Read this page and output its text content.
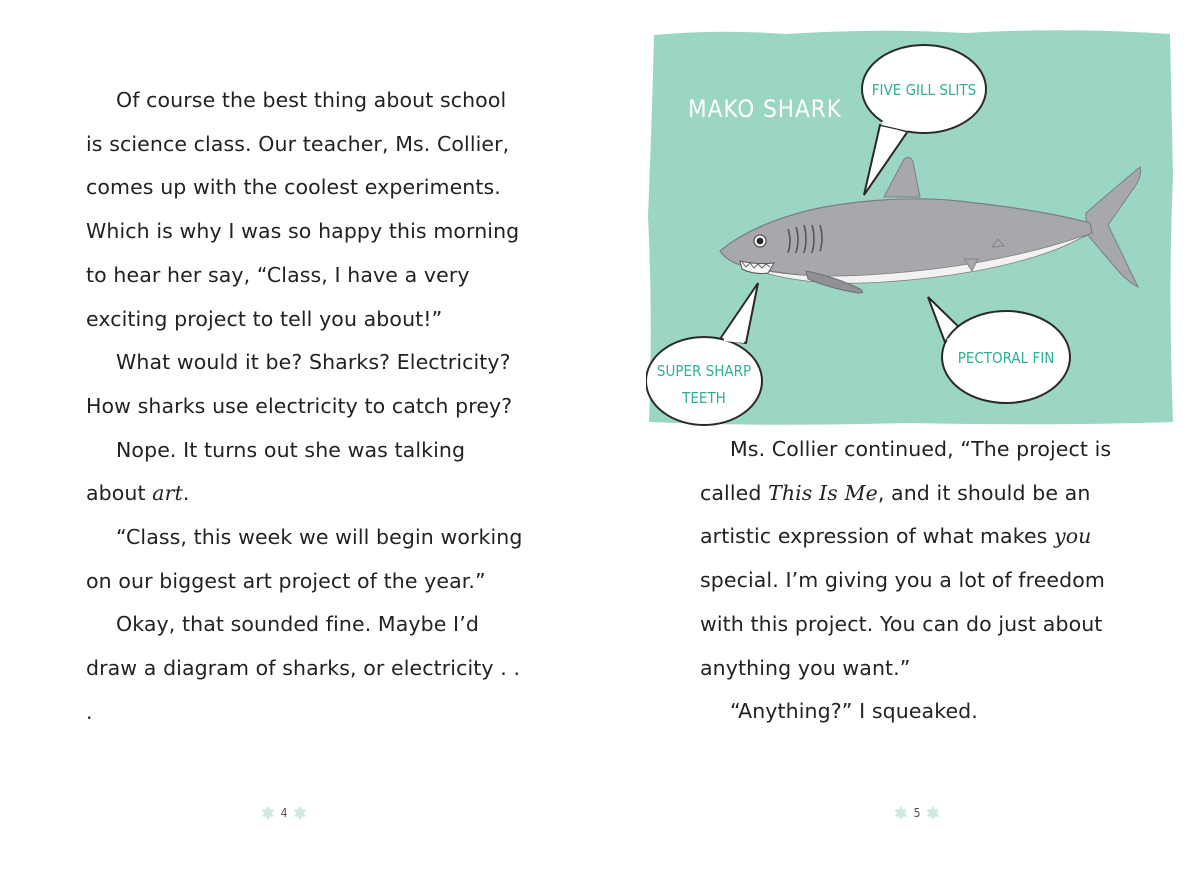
Of course the best thing about school is science class. Our teacher, Ms. Collier, comes up with the coolest experiments. Which is why I was so happy this morning to hear her say, “Class, I have a very exciting project to tell you about!”

What would it be? Sharks? Electricity? How sharks use electricity to catch prey?

Nope. It turns out she was talking about art.

“Class, this week we will begin working on our biggest art project of the year.”

Okay, that sounded fine. Maybe I’d draw a diagram of sharks, or electricity . . .

4
MAKO SHARK
FIVE GILL SLITS
PECTORAL FIN
SUPER SHARP
TEETH

Ms. Collier continued, “The project is

called This Is Me, and it should be an

artistic expression of what makes you

special. I’m giving you a lot of freedom

with this project. You can do just about

anything you want.”

“Anything?” I squeaked.

5
